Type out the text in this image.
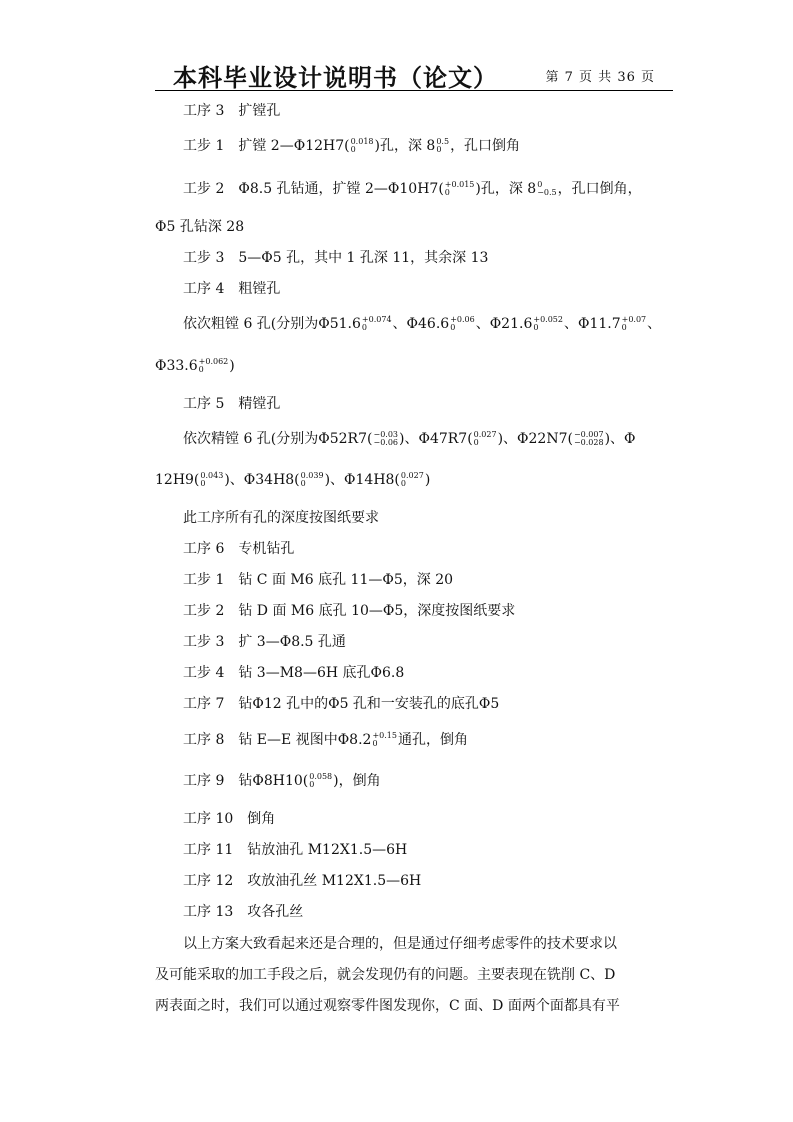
本科毕业设计说明书（论文）	第 7 页 共 36 页
工序 3　扩镗孔
工步 1　扩镗 2—Φ12H7( 0.018
0	)孔，深 8 0.5
0 ，孔口倒角
工步 2　Φ8.5 孔钻通，扩镗 2—Φ10H7( +0.015
0	)孔，深 8 0
−0.5 ，孔口倒角，
Φ5 孔钻深 28
工步 3　5—Φ5 孔，其中 1 孔深 11，其余深 13
工序 4　粗镗孔
依次粗镗 6 孔(分别为Φ51.6 +0.074
0	、Φ46.6 +0.06
0	、Φ21.6 +0.052
0	、Φ11.7 +0.07
0	、
Φ33.6 +0.062
0	)
工序 5　精镗孔
依次精镗 6 孔(分别为Φ52R7( −0.03
−0.06 )、Φ47R7( 0.027
0	)、Φ22N7( −0.007
−0.028 )、Φ
12H9( 0.043
0	)、Φ34H8( 0.039
0	)、Φ14H8( 0.027
0	)
此工序所有孔的深度按图纸要求
工序 6　专机钻孔
工步 1　钻 C 面 M6 底孔 11—Φ5，深 20
工步 2　钻 D 面 M6 底孔 10—Φ5，深度按图纸要求
工步 3　扩 3—Φ8.5 孔通
工步 4　钻 3—M8—6H 底孔Φ6.8
工序 7　钻Φ12 孔中的Φ5 孔和一安装孔的底孔Φ5
工序 8　钻 E—E 视图中Φ8.2 +0.15
0	通孔，倒角
工序 9　钻Φ8H10( 0.058
0	)，倒角
工序 10　倒角
工序 11　钻放油孔 M12X1.5—6H
工序 12　攻放油孔丝 M12X1.5—6H
工序 13　攻各孔丝
以上方案大致看起来还是合理的，但是通过仔细考虑零件的技术要求以
及可能采取的加工手段之后，就会发现仍有的问题。主要表现在铣削 C、D
两表面之时，我们可以通过观察零件图发现你，C 面、D 面两个面都具有平
